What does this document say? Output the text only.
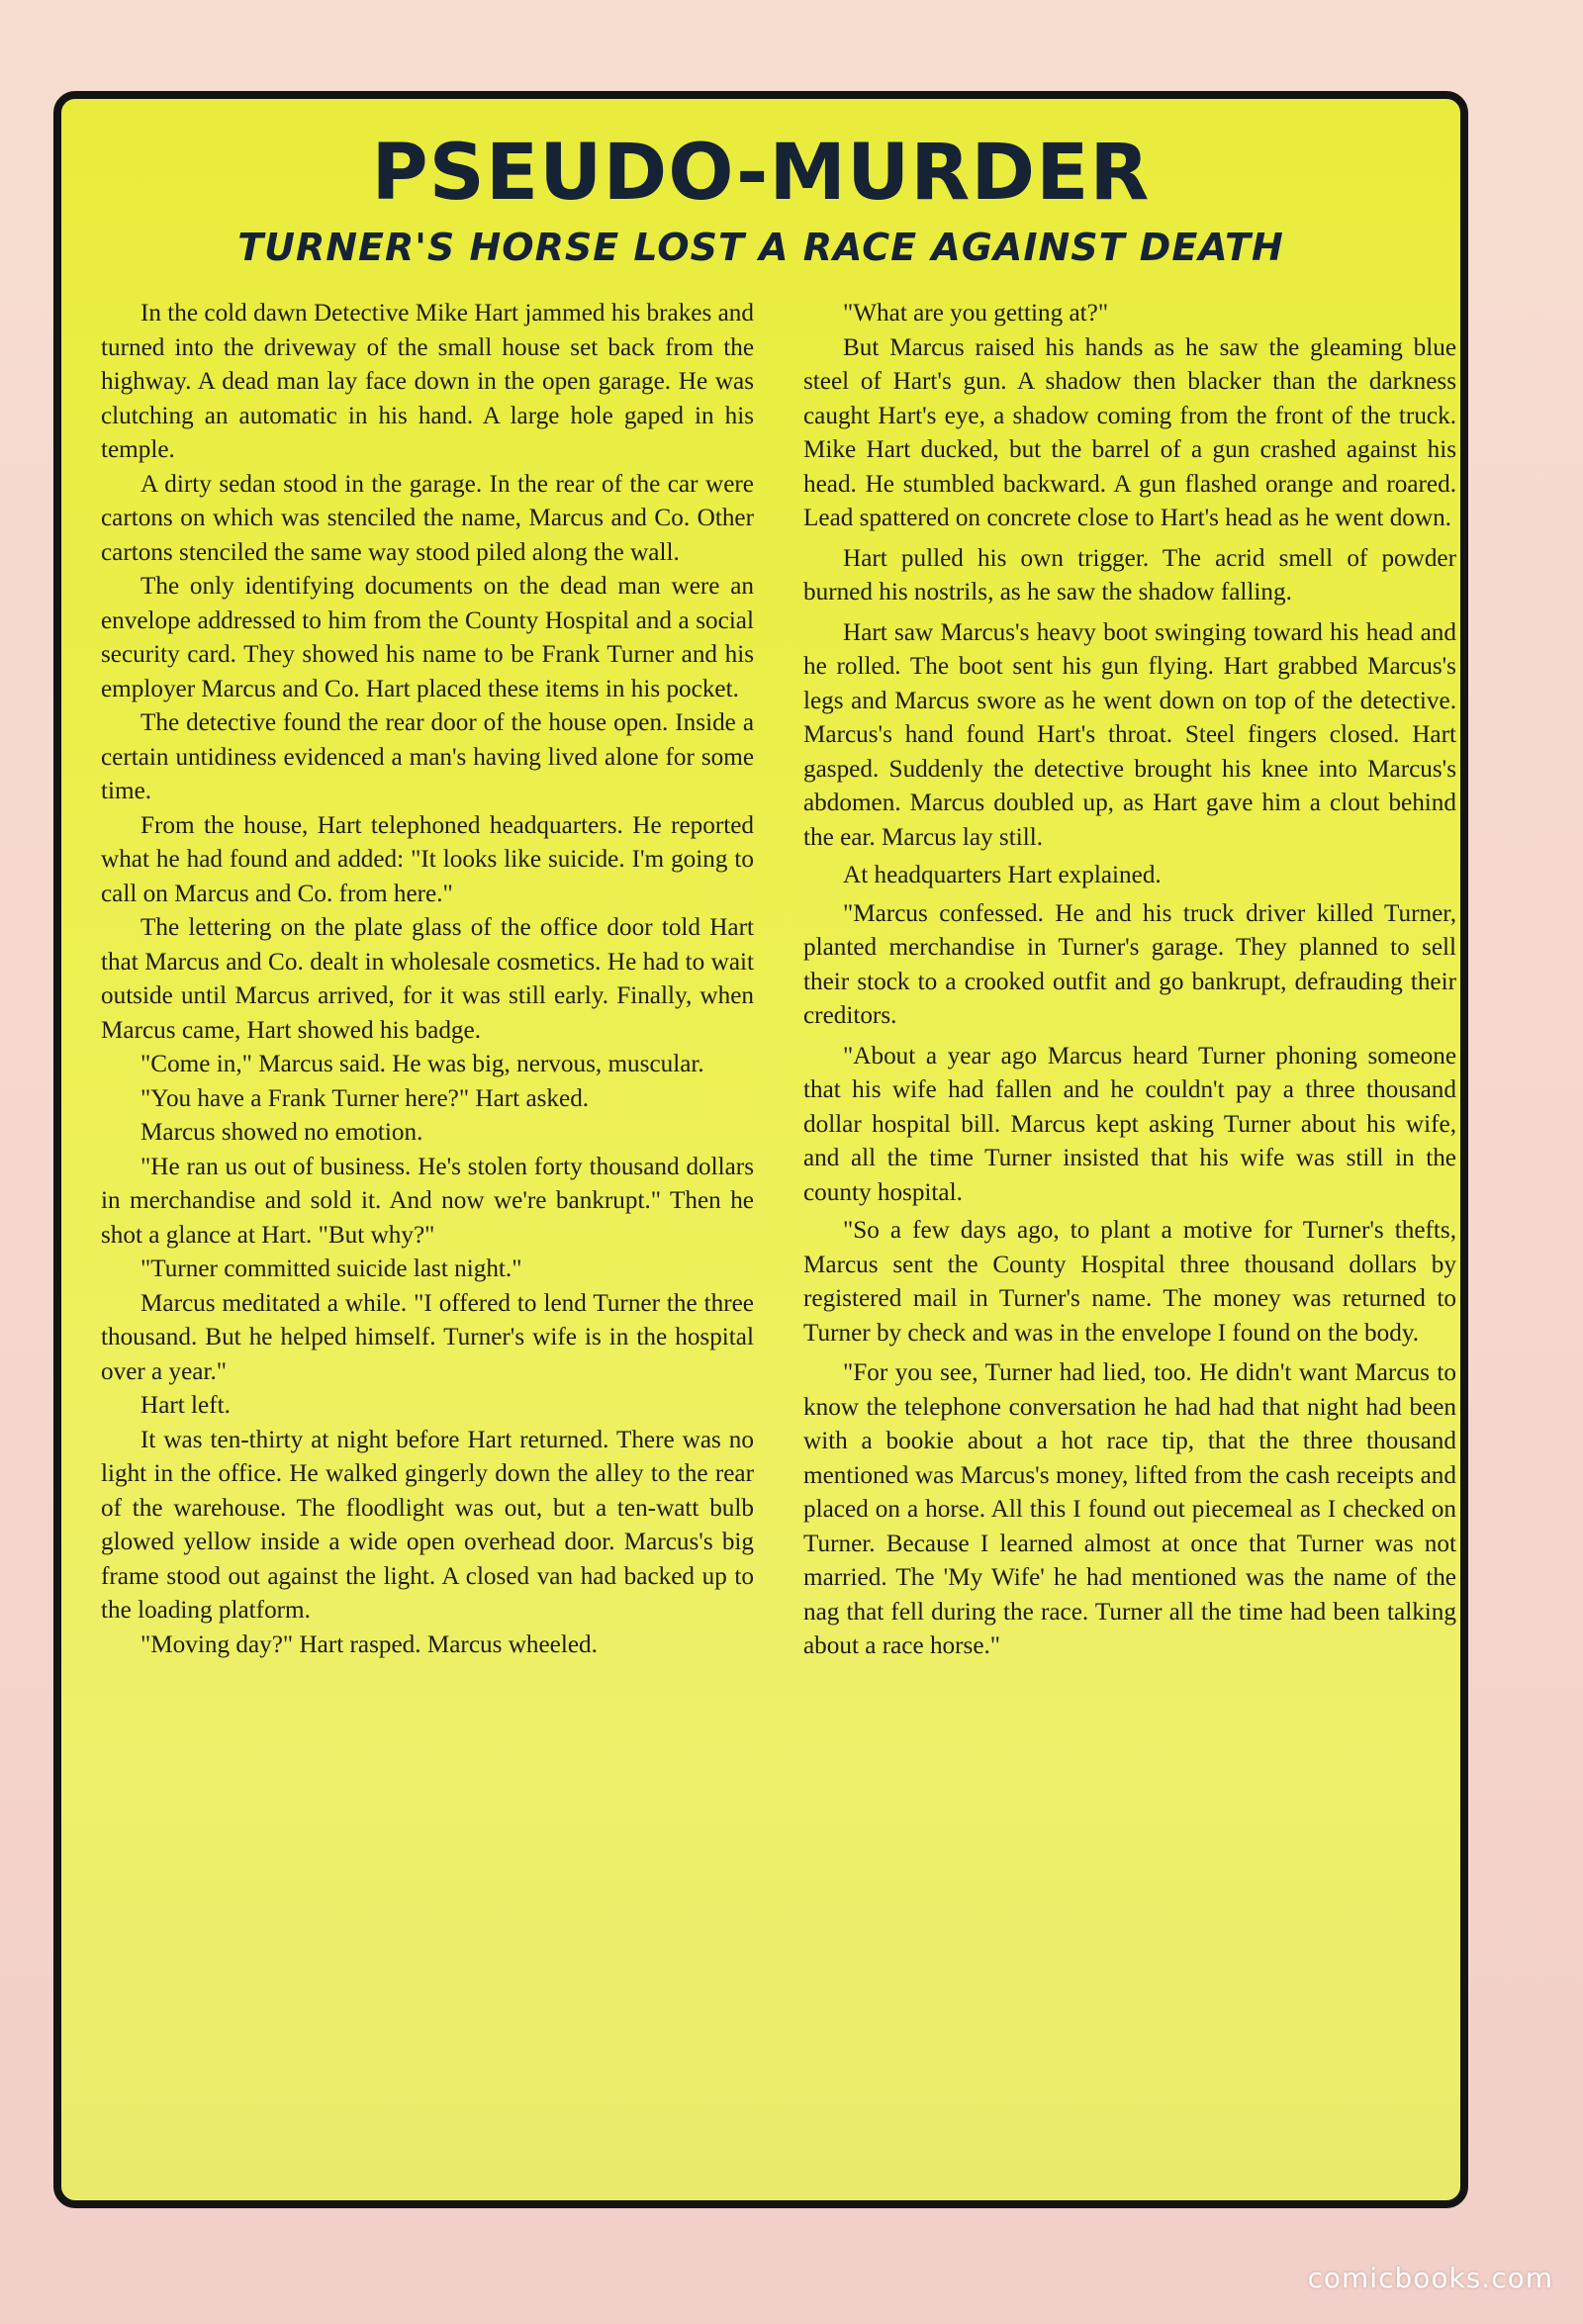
PSEUDO-MURDER
TURNER'S HORSE LOST A RACE AGAINST DEATH

In the cold dawn Detective Mike Hart jammed his brakes and turned into the driveway of the small house set back from the highway. A dead man lay face down in the open garage. He was clutching an automatic in his hand. A large hole gaped in his temple.

A dirty sedan stood in the garage. In the rear of the car were cartons on which was stenciled the name, Marcus and Co. Other cartons stenciled the same way stood piled along the wall.

The only identifying documents on the dead man were an envelope addressed to him from the County Hospital and a social security card. They showed his name to be Frank Turner and his employer Marcus and Co. Hart placed these items in his pocket.

The detective found the rear door of the house open. Inside a certain untidiness evidenced a man's having lived alone for some time.

From the house, Hart telephoned headquarters. He reported what he had found and added: "It looks like suicide. I'm going to call on Marcus and Co. from here."

The lettering on the plate glass of the office door told Hart that Marcus and Co. dealt in wholesale cosmetics. He had to wait outside until Marcus arrived, for it was still early. Finally, when Marcus came, Hart showed his badge.

"Come in," Marcus said. He was big, nervous, muscular.

"You have a Frank Turner here?" Hart asked.

Marcus showed no emotion.

"He ran us out of business. He's stolen forty thousand dollars in merchandise and sold it. And now we're bankrupt." Then he shot a glance at Hart. "But why?"

"Turner committed suicide last night."

Marcus meditated a while. "I offered to lend Turner the three thousand. But he helped himself. Turner's wife is in the hospital over a year."

Hart left.

It was ten-thirty at night before Hart returned. There was no light in the office. He walked gingerly down the alley to the rear of the warehouse. The floodlight was out, but a ten-watt bulb glowed yellow inside a wide open overhead door. Marcus's big frame stood out against the light. A closed van had backed up to the loading platform.

"Moving day?" Hart rasped. Marcus wheeled.

"What are you getting at?"

But Marcus raised his hands as he saw the gleaming blue steel of Hart's gun. A shadow then blacker than the darkness caught Hart's eye, a shadow coming from the front of the truck. Mike Hart ducked, but the barrel of a gun crashed against his head. He stumbled backward. A gun flashed orange and roared. Lead spattered on concrete close to Hart's head as he went down.

Hart pulled his own trigger. The acrid smell of powder burned his nostrils, as he saw the shadow falling.

Hart saw Marcus's heavy boot swinging toward his head and he rolled. The boot sent his gun flying. Hart grabbed Marcus's legs and Marcus swore as he went down on top of the detective. Marcus's hand found Hart's throat. Steel fingers closed. Hart gasped. Suddenly the detective brought his knee into Marcus's abdomen. Marcus doubled up, as Hart gave him a clout behind the ear. Marcus lay still.

At headquarters Hart explained.

"Marcus confessed. He and his truck driver killed Turner, planted merchandise in Turner's garage. They planned to sell their stock to a crooked outfit and go bankrupt, defrauding their creditors.

"About a year ago Marcus heard Turner phoning someone that his wife had fallen and he couldn't pay a three thousand dollar hospital bill. Marcus kept asking Turner about his wife, and all the time Turner insisted that his wife was still in the county hospital.

"So a few days ago, to plant a motive for Turner's thefts, Marcus sent the County Hospital three thousand dollars by registered mail in Turner's name. The money was returned to Turner by check and was in the envelope I found on the body.

"For you see, Turner had lied, too. He didn't want Marcus to know the telephone conversation he had had that night had been with a bookie about a hot race tip, that the three thousand mentioned was Marcus's money, lifted from the cash receipts and placed on a horse. All this I found out piecemeal as I checked on Turner. Because I learned almost at once that Turner was not married. The 'My Wife' he had mentioned was the name of the nag that fell during the race. Turner all the time had been talking about a race horse."

comicbooks.com
